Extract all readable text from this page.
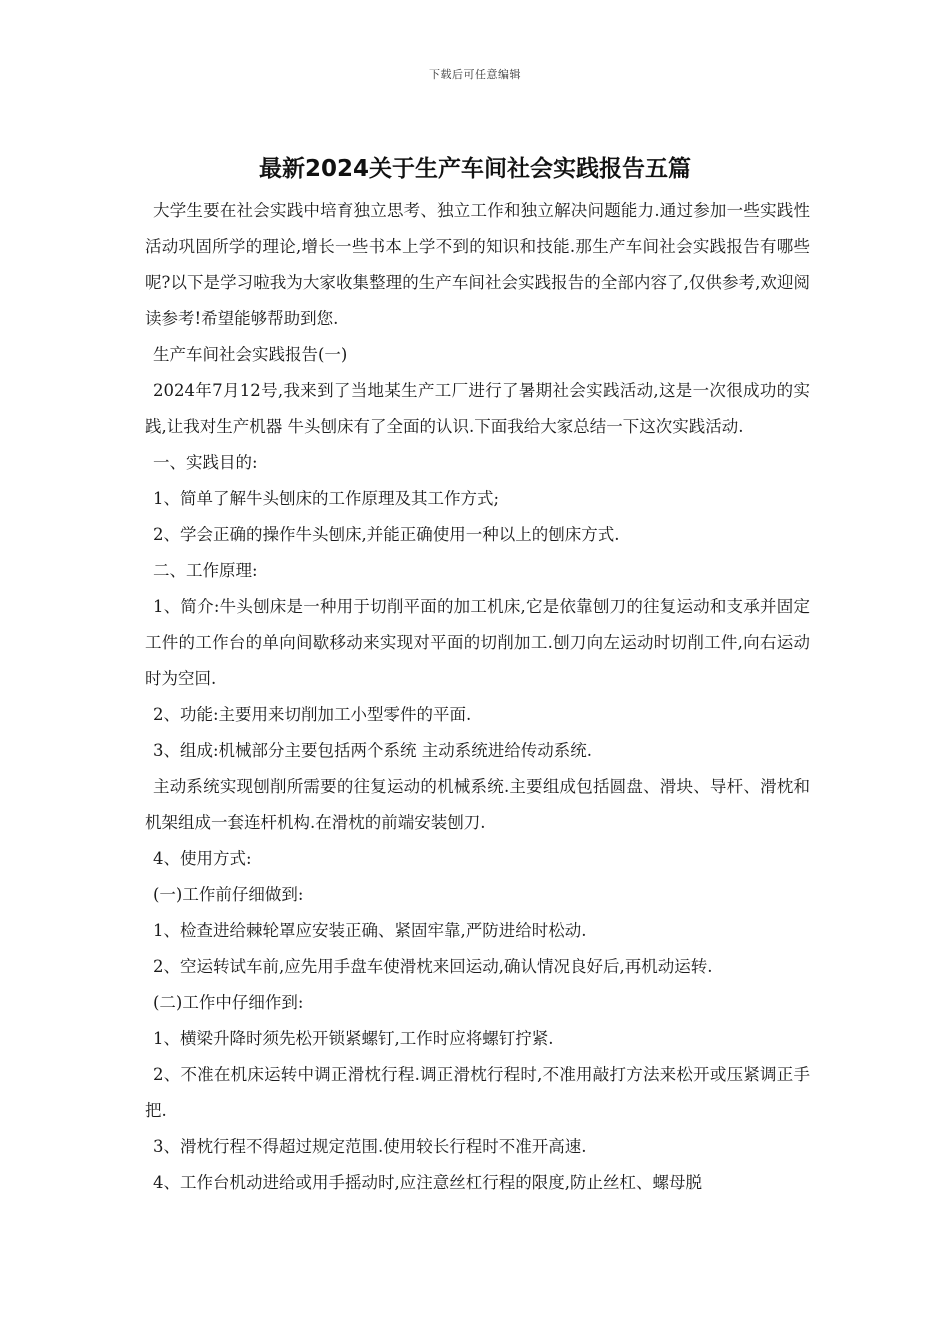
下载后可任意编辑
最新2024关于生产车间社会实践报告五篇

大学生要在社会实践中培育独立思考、独立工作和独立解决问题能力.通过参加一些实践性活动巩固所学的理论,增长一些书本上学不到的知识和技能.那生产车间社会实践报告有哪些呢?以下是学习啦我为大家收集整理的生产车间社会实践报告的全部内容了,仅供参考,欢迎阅读参考!希望能够帮助到您.

生产车间社会实践报告(一)

2024年7月12号,我来到了当地某生产工厂进行了暑期社会实践活动,这是一次很成功的实践,让我对生产机器 牛头刨床有了全面的认识.下面我给大家总结一下这次实践活动.

一、实践目的:

1、简单了解牛头刨床的工作原理及其工作方式;

2、学会正确的操作牛头刨床,并能正确使用一种以上的刨床方式.

二、工作原理:

1、简介:牛头刨床是一种用于切削平面的加工机床,它是依靠刨刀的往复运动和支承并固定工件的工作台的单向间歇移动来实现对平面的切削加工.刨刀向左运动时切削工件,向右运动时为空回.

2、功能:主要用来切削加工小型零件的平面.

3、组成:机械部分主要包括两个系统 主动系统进给传动系统.

主动系统实现刨削所需要的往复运动的机械系统.主要组成包括圆盘、滑块、导杆、滑枕和机架组成一套连杆机构.在滑枕的前端安装刨刀.

4、使用方式:

(一)工作前仔细做到:

1、检查进给棘轮罩应安装正确、紧固牢靠,严防进给时松动.

2、空运转试车前,应先用手盘车使滑枕来回运动,确认情况良好后,再机动运转.

(二)工作中仔细作到:

1、横梁升降时须先松开锁紧螺钉,工作时应将螺钉拧紧.

2、不准在机床运转中调正滑枕行程.调正滑枕行程时,不准用敲打方法来松开或压紧调正手把.

3、滑枕行程不得超过规定范围.使用较长行程时不准开高速.

4、工作台机动进给或用手摇动时,应注意丝杠行程的限度,防止丝杠、螺母脱
